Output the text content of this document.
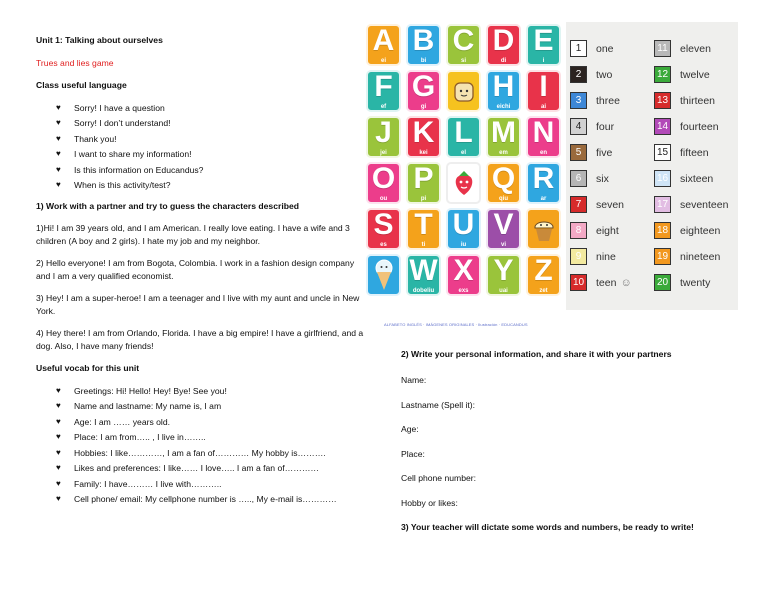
Unit 1: Talking about ourselves

Trues and lies game

Class useful language

♥ Sorry! I have a question
♥ Sorry! I don’t understand!
♥ Thank you!
♥ I want to share my information!
♥ Is this information on Educandus?
♥ When is this activity/test?

1) Work with a partner and try to guess the characters described

1)Hi! I am 39 years old, and I am American. I really love eating. I have a wife and 3 children (A boy and 2 girls). I hate my job and my neighbor.

2) Hello everyone! I am from Bogota, Colombia. I work in a fashion design company and I am a very qualified economist.

3) Hey! I am a super-heroe! I am a teenager and I live with my aunt and uncle in New York.

4) Hey there! I am from Orlando, Florida. I have a big empire! I have a girlfriend, and a dog. Also, I have many friends!

Useful vocab for this unit

♥ Greetings: Hi! Hello! Hey! Bye! See you!
♥ Name and lastname: My name is, I am
♥ Age: I am …… years old.
♥ Place: I am from….. , I live in……..
♥ Hobbies: I like…………, I am a fan of………… My hobby is……….
♥ Likes and preferences: I like…… I love….. I am a fan of…………
♥ Family: I have……… I live with………..
♥ Cell phone/ email: My cellphone number is ….., My e-mail is…………
ALFABETO INGLÉS · IMÁGENES ORIGINALES · Ilustración · EDUCANDUS
A
ei
B
bi
C
si
D
di
E
i
F
ef
G
gi
H
eichi
I
ai
J
jei
K
kei
L
el
M
em
N
en
O
ou
P
pi
Q
qiu
R
ar
S
es
T
ti
U
iu
V
vi
W
dobeliu
X
exs
Y
uai
Z
zet
1	one
2	two
3	three
4	four
5	five
6	six
7	seven
8	eight
9	nine
10 teen ☺
11	eleven
12 twelve
13 thirteen
14 fourteen
15 fifteen
16 sixteen
17 seventeen
18 eighteen
19 nineteen
20 twenty

2) Write your personal information, and share it with your partners

Name:

Lastname (Spell it):

Age:

Place:

Cell phone number:

Hobby or likes:

3) Your teacher will dictate some words and numbers, be ready to write!
